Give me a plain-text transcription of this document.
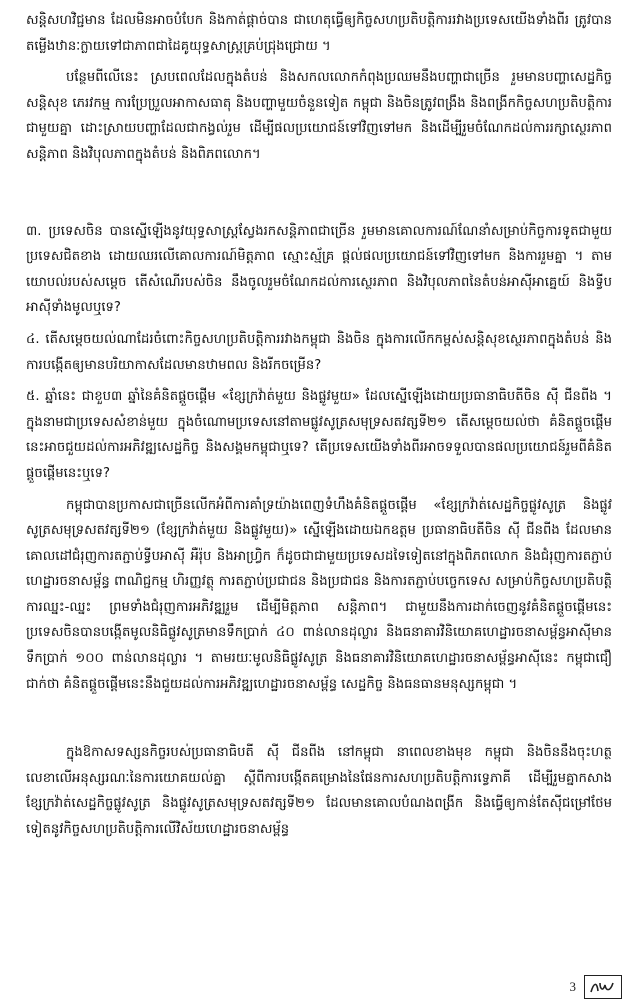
សន្តិសហវិជ្ជមាន ដែលមិនអាចបំបែក និងកាត់ផ្ដាច់បាន ជាហេតុធ្វើឲ្យកិច្ចសហប្រតិបត្តិការរវាងប្រទេសយើងទាំងពីរ ត្រូវបានតម្លើងឋានៈក្លាយទៅជាភាពជាដៃគូយុទ្ធសាស្ត្រគ្រប់ជ្រុងជ្រោយ ។

បន្ថែមពីលើនេះ ស្របពេលដែលក្នុងតំបន់ និងសកលលោកកំពុងប្រឈមនឹងបញ្ហាជាច្រើន រួមមានបញ្ហាសេដ្ឋកិច្ច សន្តិសុខ ភេរវកម្ម ការប្រែប្រួលអាកាសធាតុ និងបញ្ហាមួយចំនួនទៀត កម្ពុជា និងចិនត្រូវពង្រឹង និងពង្រីកកិច្ចសហប្រតិបត្តិការជាមួយគ្នា ដោះស្រាយបញ្ហាដែលជាកង្វល់រួម ដើម្បីផលប្រយោជន៍ទៅវិញទៅមក និងដើម្បីរួមចំណែកដល់ការរក្សាស្ថេរភាព សន្តិភាព និងវិបុលភាពក្នុងតំបន់ និងពិភពលោក។

៣. ប្រទេសចិន បានស្នើឡើងនូវយុទ្ធសាស្ត្រស្វែងរកសន្តិភាពជាច្រើន រួមមានគោលការណ៍ណែនាំសម្រាប់កិច្ចការទូតជាមួយប្រទេសជិតខាង ដោយឈរលើគោលការណ៍មិត្តភាព ស្មោះស្ម័គ្រ ផ្ដល់ផលប្រយោជន៍ទៅវិញទៅមក និងការរួមគ្នា ។ តាមយោបល់របស់សម្ដេច តើសំណើរបស់ចិន នឹងចូលរួមចំណែកដល់ការស្ថេរភាព និងវិបុលភាពនៃតំបន់អាស៊ីអាគ្នេយ៍ និងទ្វីបអាស៊ីទាំងមូលឬទេ?

៤. តើសម្ដេចយល់ណាដែរចំពោះកិច្ចសហប្រតិបត្តិការរវាងកម្ពុជា និងចិន ក្នុងការលើកកម្ពស់សន្តិសុខស្ថេរភាពក្នុងតំបន់ និងការបង្កើតឲ្យមានបរិយាកាសដែលមានឋាមពល និងរីកចម្រើន?

៥. ឆ្នាំនេះ ជាខួប៣ ឆ្នាំនៃគំនិតផ្តួចផ្តើម «ខ្សែក្រវ៉ាត់មួយ និងផ្លូវមួយ» ដែលស្នើឡើងដោយប្រធានាធិបតីចិន ស៊ី ជីនពីង ។ ក្នុងនាមជាប្រទេសសំខាន់មួយ ក្នុងចំណោមប្រទេសនៅតាមផ្លូវសូត្រសមុទ្រសតវត្សទី២១ តើសម្ដេចយល់ថា គំនិតផ្តួចផ្តើមនេះអាចជួយដល់ការអភិវឌ្ឍសេដ្ឋកិច្ច និងសង្គមកម្ពុជាឬទេ? តើប្រទេសយើងទាំងពីរអាចទទួលបានផលប្រយោជន៍រួមពីគំនិតផ្តួចផ្តើមនេះឬទេ?

កម្ពុជាបានប្រកាសជាច្រើនលើកអំពីការគាំទ្រយ៉ាងពេញទំហឹងគំនិតផ្តួចផ្តើម «ខ្សែក្រវ៉ាត់សេដ្ឋកិច្ចផ្លូវសូត្រ និងផ្លូវសូត្រសមុទ្រសតវត្សទី២១ (ខ្សែក្រវ៉ាត់មួយ និងផ្លូវមួយ)» ស្នើឡើងដោយឯកឧត្តម ប្រធានាធិបតីចិន ស៊ី ជីនពីង ដែលមានគោលដៅជំរុញការតភ្ជាប់ទ្វីបអាស៊ី អឺរ៉ុប និងអាហ្វ្រិក ក៏ដូចជាជាមួយប្រទេសដទៃទៀតនៅក្នុងពិភពលោក និងជំរុញការតភ្ជាប់ហេដ្ឋារចនាសម្ព័ន្ធ ពាណិជ្ជកម្ម ហិរញ្ញវត្ថុ ការតភ្ជាប់ប្រជាជន និងប្រជាជន និងការតភ្ជាប់បច្ចេកទេស សម្រាប់កិច្ចសហប្រតិបត្តិការឈ្នះ-ឈ្នះ ព្រមទាំងជំរុញការអភិវឌ្ឍរួម ដើម្បីមិត្តភាព សន្តិភាព។ ជាមួយនឹងការដាក់ចេញនូវគំនិតផ្តួចផ្តើមនេះ ប្រទេសចិនបានបង្កើតមូលនិធិផ្លូវសូត្រមានទឹកប្រាក់ ៤០ ពាន់លានដុល្លារ និងធនាគារវិនិយោគហេដ្ឋារចនាសម្ព័ន្ធអាស៊ីមានទឹកប្រាក់ ១០០ ពាន់លានដុល្លារ ។ តាមរយៈមូលនិធិផ្លូវសូត្រ និងធនាគារវិនិយោគហេដ្ឋារចនាសម្ព័ន្ធអាស៊ីនេះ កម្ពុជាជឿជាក់ថា គំនិតផ្តួចផ្តើមនេះនឹងជួយដល់ការអភិវឌ្ឍហេដ្ឋារចនាសម្ព័ន្ធ សេដ្ឋកិច្ច និងធនធានមនុស្សកម្ពុជា ។

ក្នុងឱកាសទស្សនកិច្ចរបស់ប្រធានាធិបតី ស៊ី ជីនពីង នៅកម្ពុជា នាពេលខាងមុខ កម្ពុជា និងចិននឹងចុះហត្ថលេខាលើអនុស្សរណៈនៃការយោគយល់គ្នា ស្ដីពីការបង្កើតគម្រោងនៃផែនការសហប្រតិបត្តិការទ្វេភាគី ដើម្បីរួមគ្នាកសាងខ្សែក្រវ៉ាត់សេដ្ឋកិច្ចផ្លូវសូត្រ និងផ្លូវសូត្រសមុទ្រសតវត្សទី២១ ដែលមានគោលបំណងពង្រីក និងធ្វើឲ្យកាន់តែស៊ីជម្រៅថែមទៀតនូវកិច្ចសហប្រតិបត្តិការលើវិស័យហេដ្ឋារចនាសម្ព័ន្ធ

3
